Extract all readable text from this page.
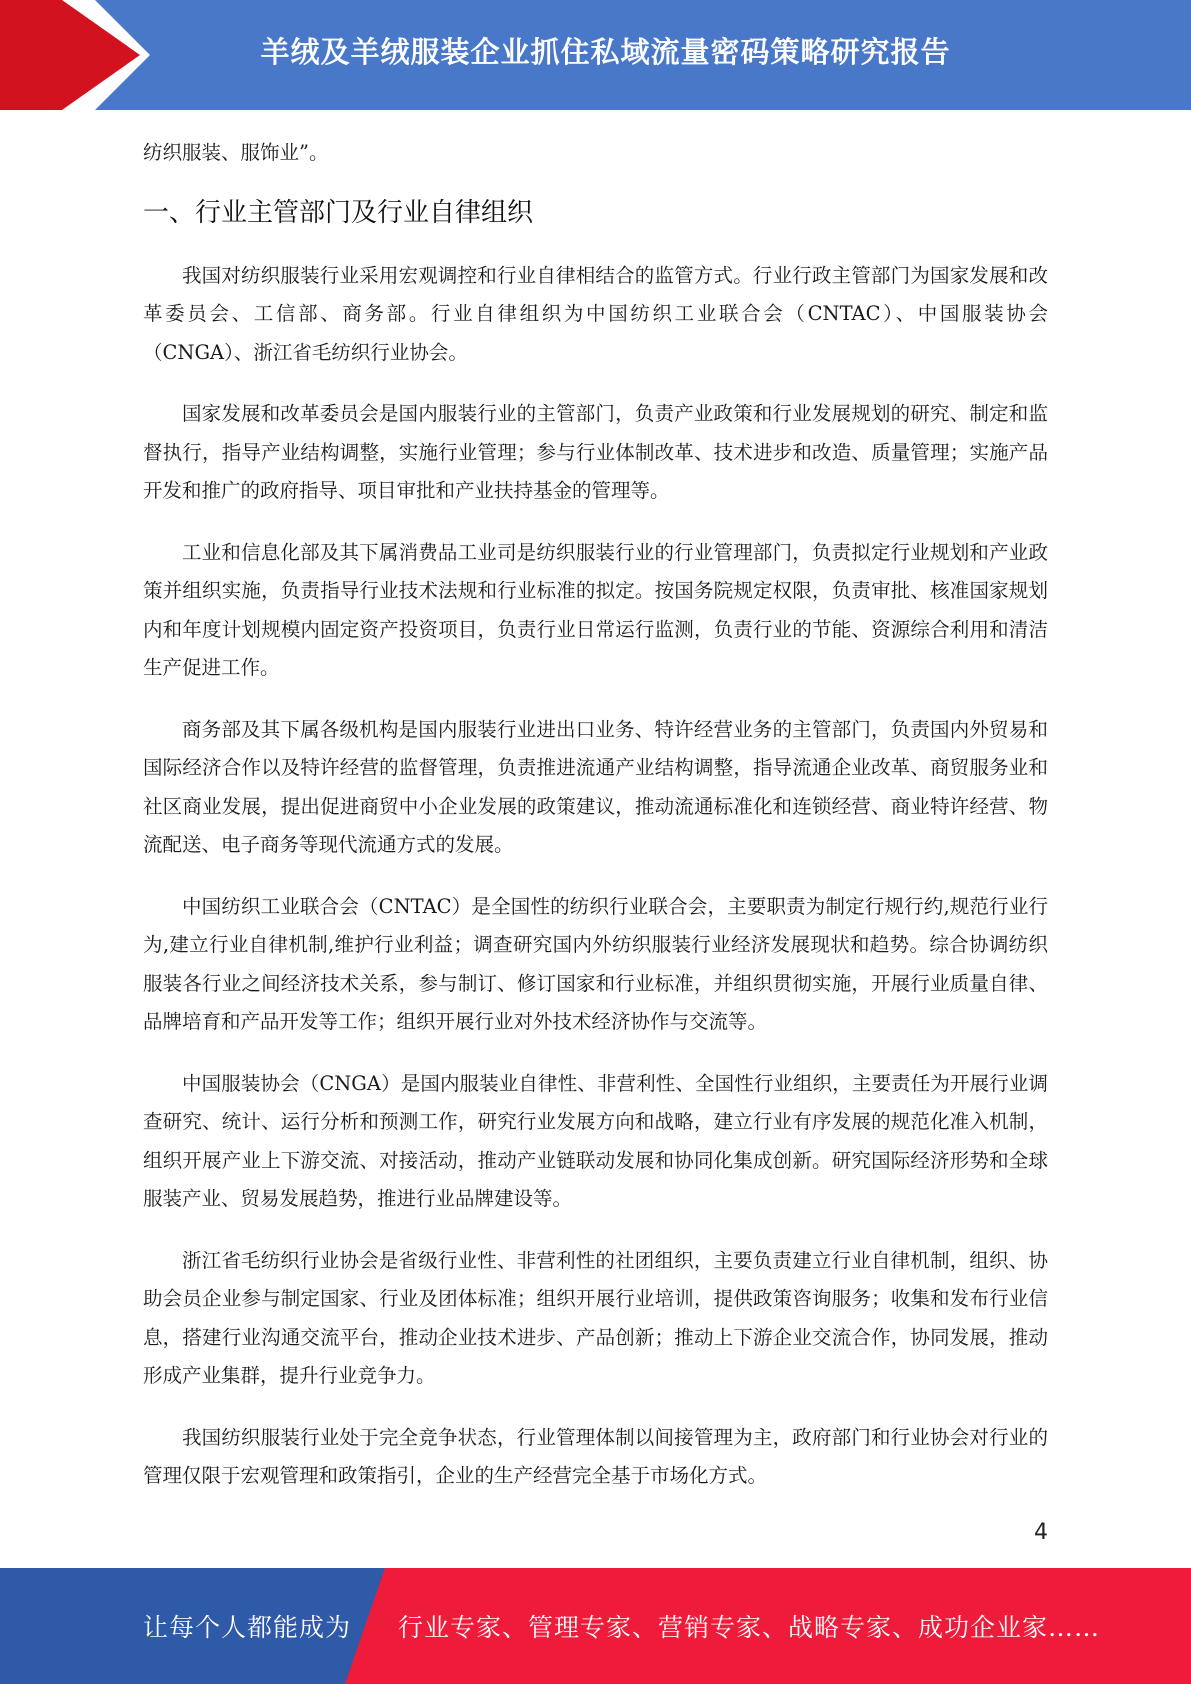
羊绒及羊绒服装企业抓住私域流量密码策略研究报告

纺织服装、服饰业”。

一、行业主管部门及行业自律组织

我国对纺织服装行业采用宏观调控和行业自律相结合的监管方式。行业行政主管部门为国家发展和改革委员会、工信部、商务部。行业自律组织为中国纺织工业联合会（CNTAC）、中国服装协会（CNGA）、浙江省毛纺织行业协会。

国家发展和改革委员会是国内服装行业的主管部门，负责产业政策和行业发展规划的研究、制定和监督执行，指导产业结构调整，实施行业管理；参与行业体制改革、技术进步和改造、质量管理；实施产品开发和推广的政府指导、项目审批和产业扶持基金的管理等。

工业和信息化部及其下属消费品工业司是纺织服装行业的行业管理部门，负责拟定行业规划和产业政策并组织实施，负责指导行业技术法规和行业标准的拟定。按国务院规定权限，负责审批、核准国家规划内和年度计划规模内固定资产投资项目，负责行业日常运行监测，负责行业的节能、资源综合利用和清洁生产促进工作。

商务部及其下属各级机构是国内服装行业进出口业务、特许经营业务的主管部门，负责国内外贸易和国际经济合作以及特许经营的监督管理，负责推进流通产业结构调整，指导流通企业改革、商贸服务业和社区商业发展，提出促进商贸中小企业发展的政策建议，推动流通标准化和连锁经营、商业特许经营、物流配送、电子商务等现代流通方式的发展。

中国纺织工业联合会（CNTAC）是全国性的纺织行业联合会，主要职责为制定行规行约,规范行业行为,建立行业自律机制,维护行业利益；调查研究国内外纺织服装行业经济发展现状和趋势。综合协调纺织服装各行业之间经济技术关系，参与制订、修订国家和行业标准，并组织贯彻实施，开展行业质量自律、品牌培育和产品开发等工作；组织开展行业对外技术经济协作与交流等。

中国服装协会（CNGA）是国内服装业自律性、非营利性、全国性行业组织，主要责任为开展行业调查研究、统计、运行分析和预测工作，研究行业发展方向和战略，建立行业有序发展的规范化准入机制，组织开展产业上下游交流、对接活动，推动产业链联动发展和协同化集成创新。研究国际经济形势和全球服装产业、贸易发展趋势，推进行业品牌建设等。

浙江省毛纺织行业协会是省级行业性、非营利性的社团组织，主要负责建立行业自律机制，组织、协助会员企业参与制定国家、行业及团体标准；组织开展行业培训，提供政策咨询服务；收集和发布行业信息，搭建行业沟通交流平台，推动企业技术进步、产品创新；推动上下游企业交流合作，协同发展，推动形成产业集群，提升行业竞争力。

我国纺织服装行业处于完全竞争状态，行业管理体制以间接管理为主，政府部门和行业协会对行业的管理仅限于宏观管理和政策指引，企业的生产经营完全基于市场化方式。

4
让每个人都能成为 行业专家、管理专家、营销专家、战略专家、成功企业家……
